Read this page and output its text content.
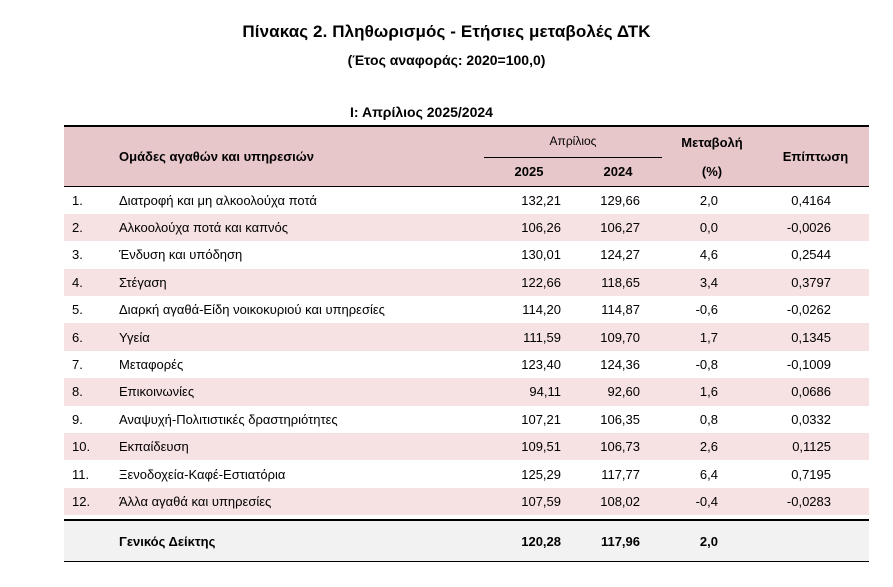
Πίνακας 2. Πληθωρισμός - Ετήσιες μεταβολές ΔΤΚ
(Έτος αναφοράς: 2020=100,0)
Ι: Απρίλιος 2025/2024
Ομάδες αγαθών και υπηρεσιών		Απρίλιος		Μεταβολή	Επίπτωση
		2025	2024	(%)	
1.	Διατροφή και μη αλκοολούχα ποτά	132,21	129,66	2,0	0,4164
2.	Αλκοολούχα ποτά και καπνός	106,26	106,27	0,0	-0,0026
3.	Ένδυση και υπόδηση	130,01	124,27	4,6	0,2544
4.	Στέγαση	122,66	118,65	3,4	0,3797
5.	Διαρκή αγαθά-Είδη νοικοκυριού και υπηρεσίες	114,20	114,87	-0,6	-0,0262
6.	Υγεία	111,59	109,70	1,7	0,1345
7.	Μεταφορές	123,40	124,36	-0,8	-0,1009
8.	Επικοινωνίες	94,11	92,60	1,6	0,0686
9.	Αναψυχή-Πολιτιστικές δραστηριότητες	107,21	106,35	0,8	0,0332
10.	Εκπαίδευση	109,51	106,73	2,6	0,1125
11.	Ξενοδοχεία-Καφέ-Εστιατόρια	125,29	117,77	6,4	0,7195
12.	Άλλα αγαθά και υπηρεσίες	107,59	108,02	-0,4	-0,0283

	Γενικός Δείκτης	120,28	117,96	2,0	
